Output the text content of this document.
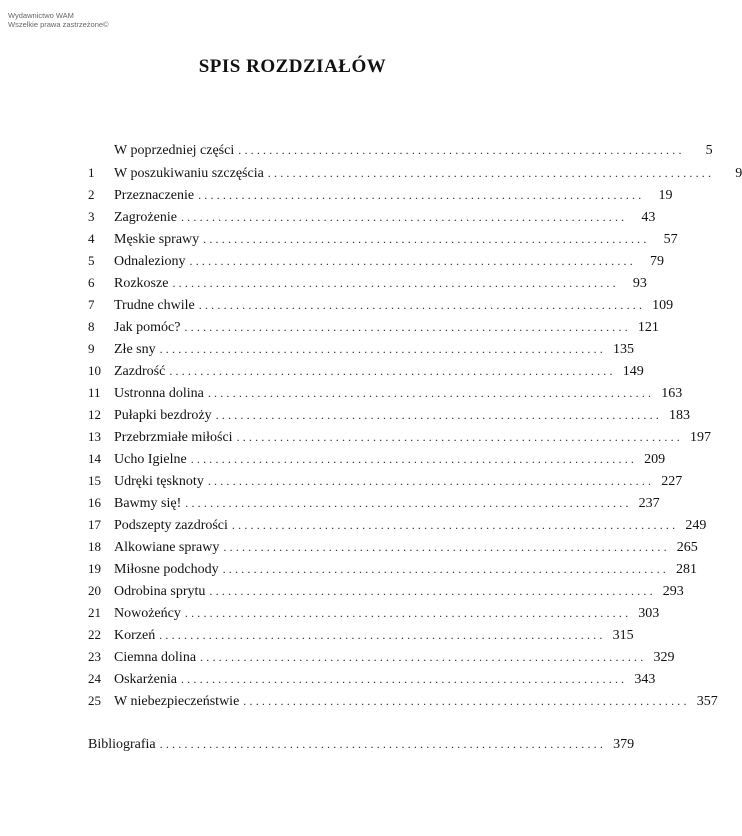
Wydawnictwo WAM
Wszelkie prawa zastrzeżone©
SPIS ROZDZIAŁÓW
W poprzedniej części ........................................................................	5
1	W poszukiwaniu szczęścia ........................................................................	9
2	Przeznaczenie ........................................................................	19
3	Zagrożenie ........................................................................	43
4	Męskie sprawy ........................................................................	57
5	Odnaleziony ........................................................................	79
6	Rozkosze ........................................................................	93
7	Trudne chwile ........................................................................ 109
8	Jak pomóc? ........................................................................ 121
9	Złe sny ........................................................................ 135
10 Zazdrość ........................................................................ 149
11 Ustronna dolina ........................................................................ 163
12 Pułapki bezdroży ........................................................................ 183
13 Przebrzmiałe miłości ........................................................................ 197
14 Ucho Igielne ........................................................................ 209
15 Udręki tęsknoty ........................................................................ 227
16 Bawmy się! ........................................................................ 237
17 Podszepty zazdrości ........................................................................ 249
18 Alkowiane sprawy ........................................................................ 265
19 Miłosne podchody ........................................................................ 281
20 Odrobina sprytu ........................................................................ 293
21 Nowożeńcy ........................................................................ 303
22 Korzeń ........................................................................ 315
23 Ciemna dolina ........................................................................ 329
24 Oskarżenia ........................................................................ 343
25 W niebezpieczeństwie ........................................................................ 357
Bibliografia ........................................................................ 379
